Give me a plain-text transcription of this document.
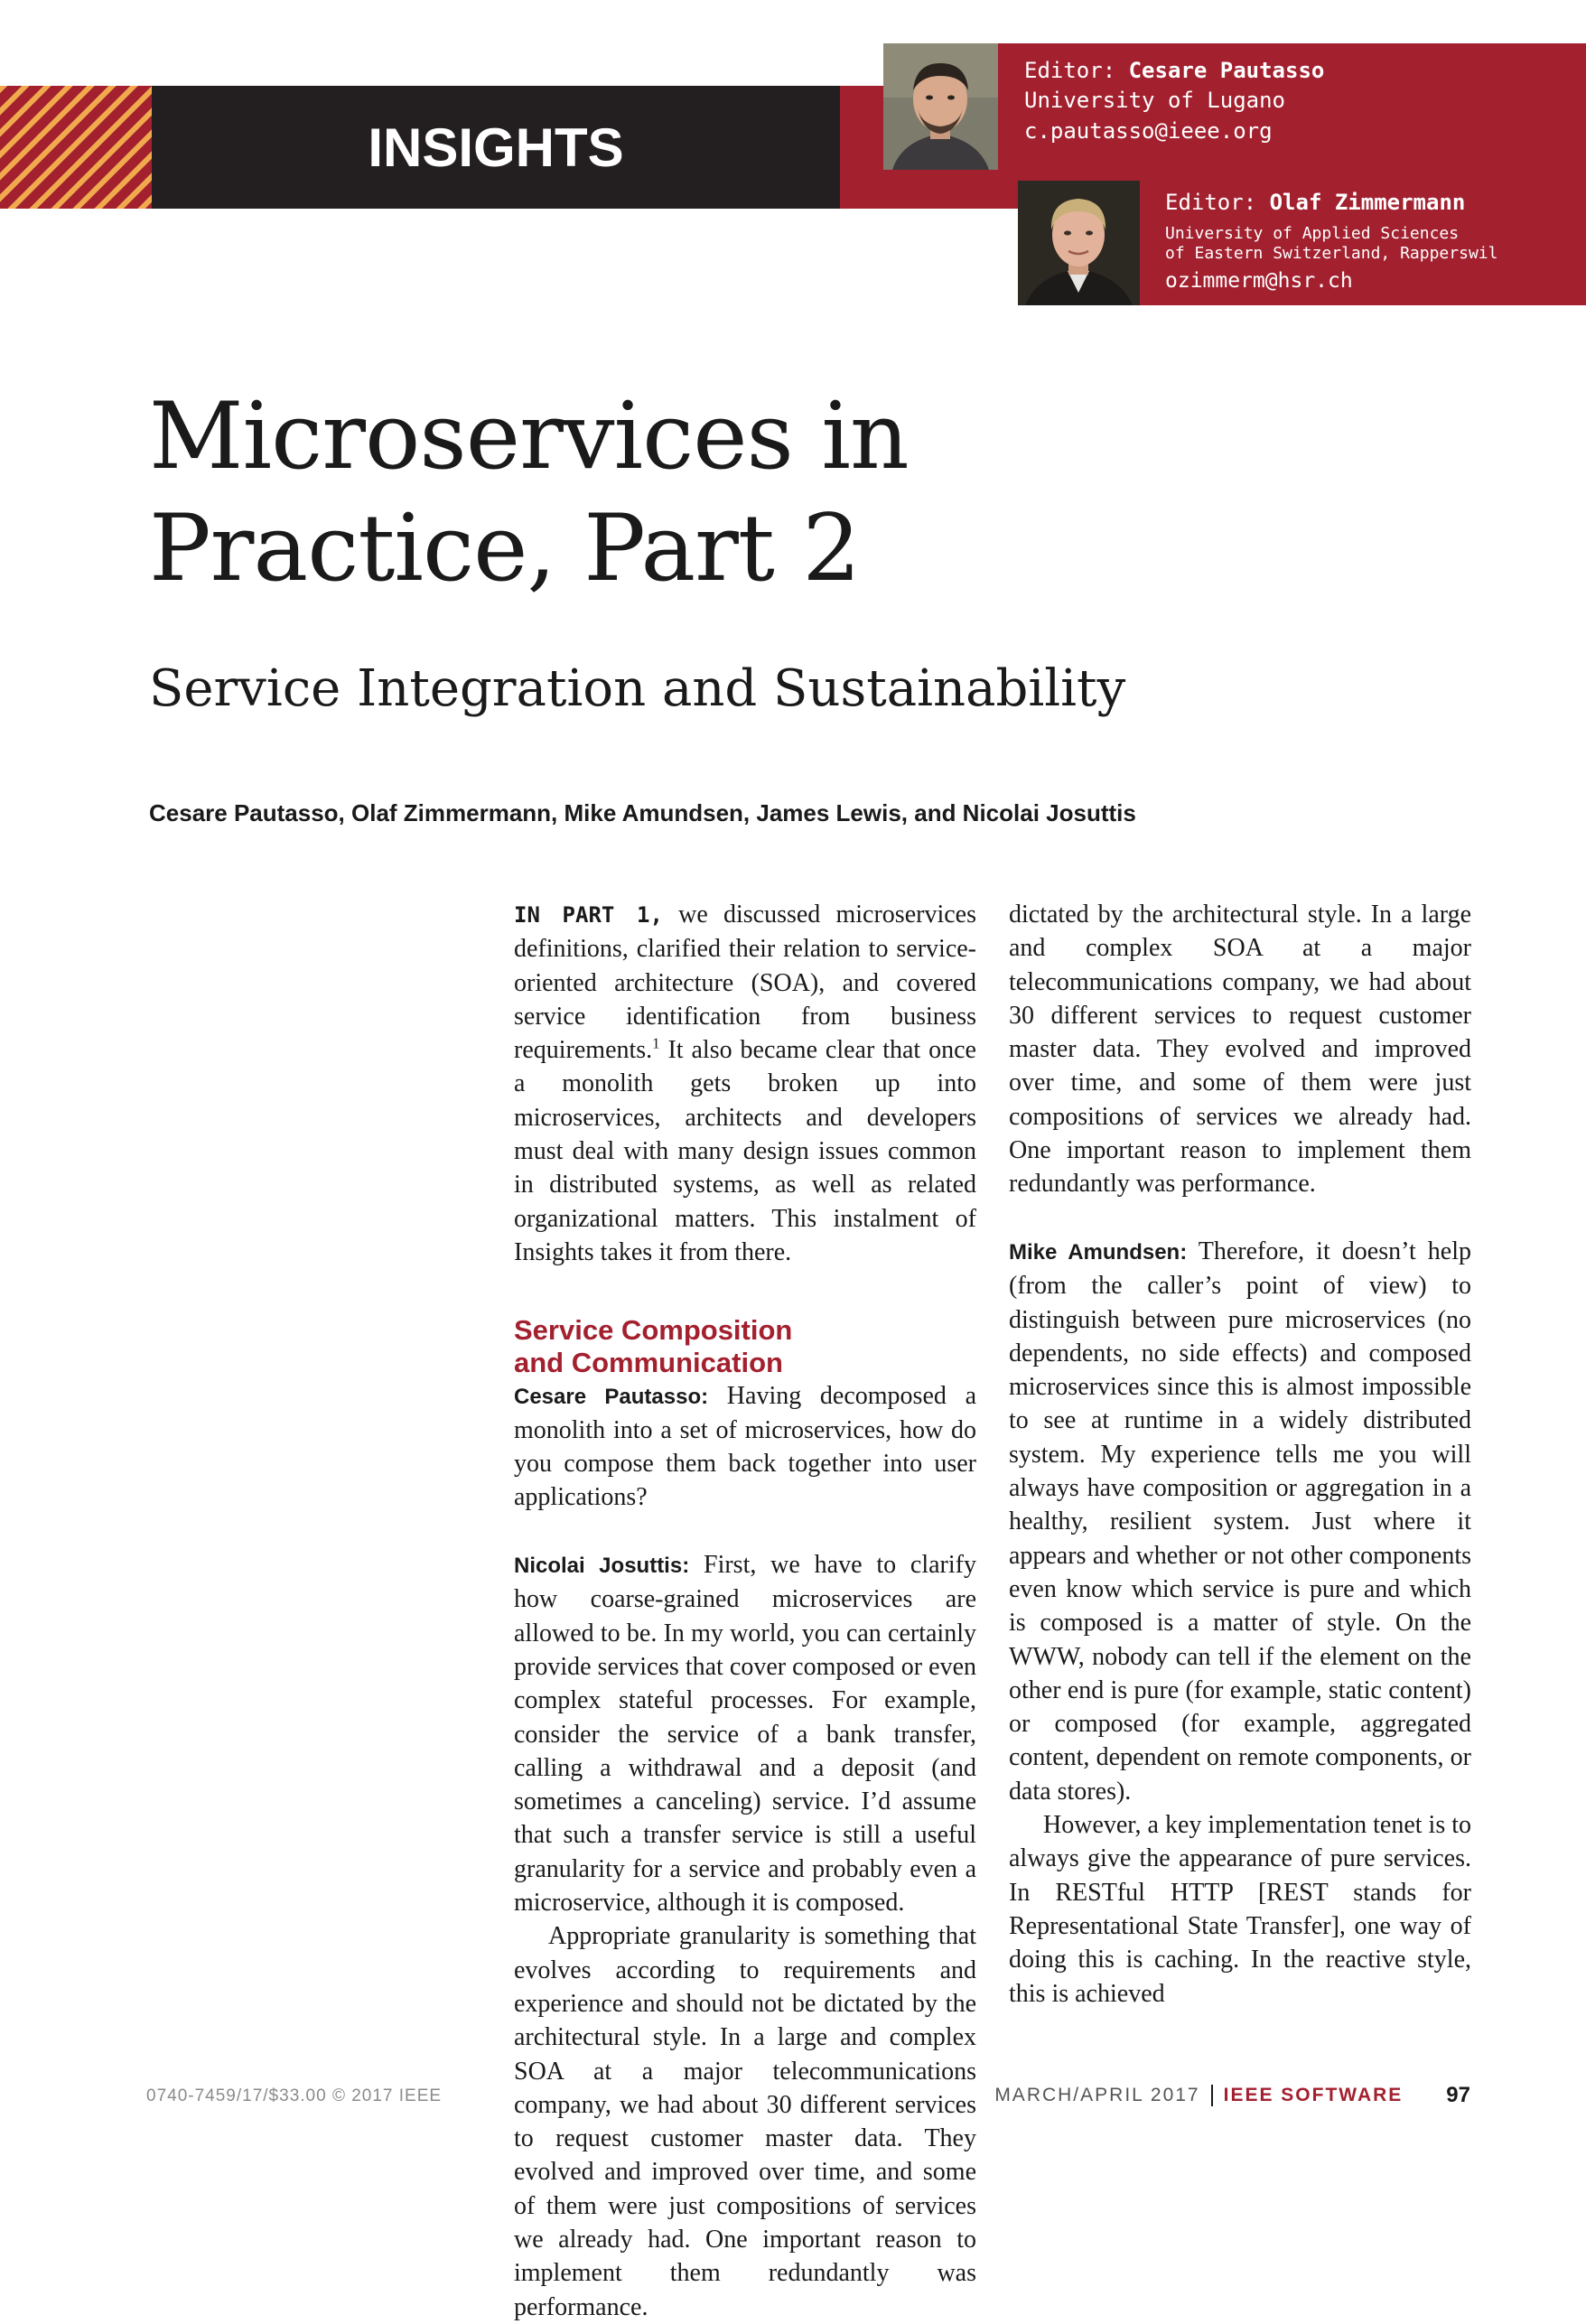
INSIGHTS
Editor: Cesare Pautasso
University of Lugano
c.pautasso@ieee.org
Editor: Olaf Zimmermann
University of Applied Sciences
of Eastern Switzerland, Rapperswil
ozimmerm@hsr.ch
Microservices in
Practice, Part 2
Service Integration and Sustainability
Cesare Pautasso, Olaf Zimmermann, Mike Amundsen, James Lewis, and Nicolai Josuttis

IN PART 1, we discussed microservices definitions, clarified their relation to service-oriented architecture (SOA), and covered service identification from business requirements.$^1$ It also became clear that once a monolith gets broken up into microservices, architects and developers must deal with many design issues common in distributed systems, as well as related organizational matters. This instalment of Insights takes it from there.

Service Composition
and Communication

Cesare Pautasso: Having decomposed a monolith into a set of microservices, how do you compose them back together into user applications?

Nicolai Josuttis: First, we have to clarify how coarse-grained microservices are allowed to be. In my world, you can certainly provide services that cover composed or even complex stateful processes. For example, consider the service of a bank transfer, calling a withdrawal and a deposit (and sometimes a canceling) service. I’d assume that such a transfer service is still a useful granularity for a service and probably even a microservice, although it is composed.

Appropriate granularity is something that evolves according to requirements and experience and should not be dictated by the architectural style. In a large and complex SOA at a major telecommunications company, we had about 30 different services to request customer master data. They evolved and improved over time, and some of them were just compositions of services we already had. One important reason to implement them redundantly was performance.

dictated by the architectural style. In a large and complex SOA at a major telecommunications company, we had about 30 different services to request customer master data. They evolved and improved over time, and some of them were just compositions of services we already had. One important reason to implement them redundantly was performance.

Mike Amundsen: Therefore, it doesn’t help (from the caller’s point of view) to distinguish between pure microservices (no dependents, no side effects) and composed microservices since this is almost impossible to see at runtime in a widely distributed system. My experience tells me you will always have composition or aggregation in a healthy, resilient system. Just where it appears and whether or not other components even know which service is pure and which is composed is a matter of style. On the WWW, nobody can tell if the element on the other end is pure (for example, static content) or composed (for example, aggregated content, dependent on remote components, or data stores).

However, a key implementation tenet is to always give the appearance of pure services. In RESTful HTTP [REST stands for Representational State Transfer], one way of doing this is caching. In the reactive style, this is achieved

0740-7459/17/$33.00 © 2017 IEEE	MARCH/APRIL 2017 IEEE SOFTWARE 97
